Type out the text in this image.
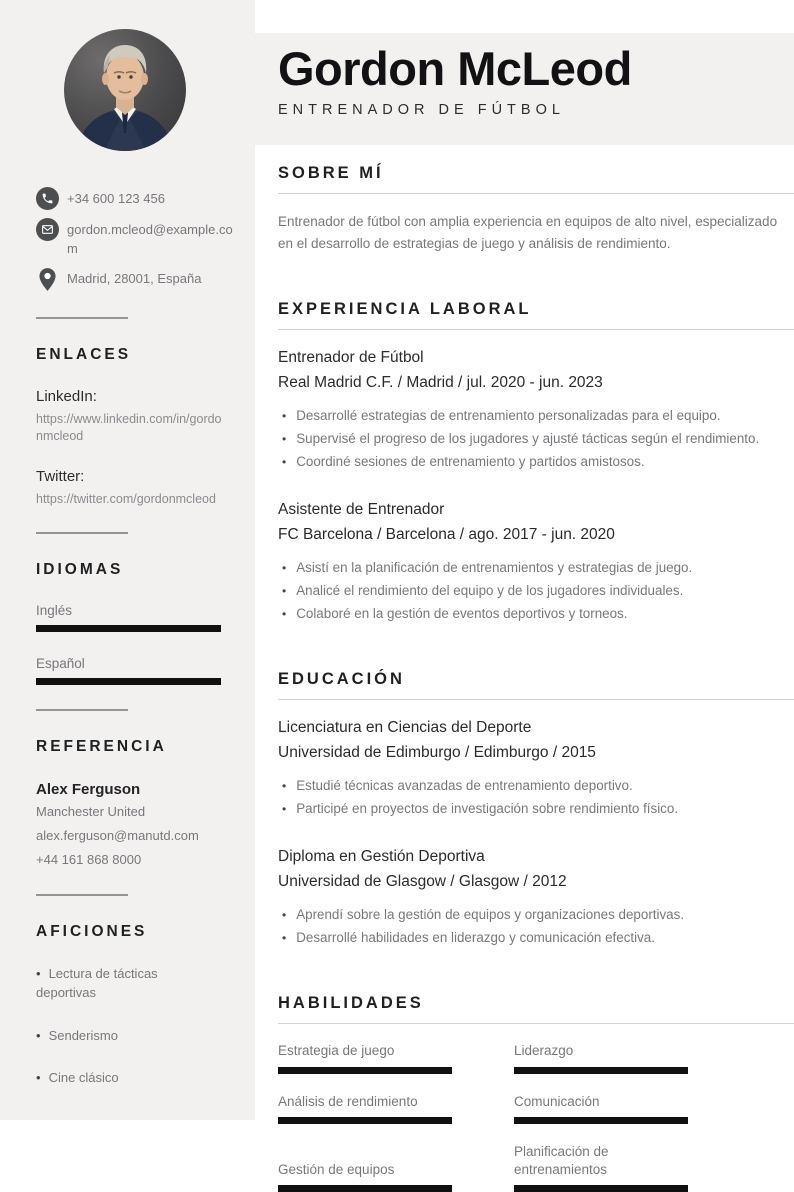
+34 600 123 456
gordon.mcleod@example.com
Madrid, 28001, España
ENLACES
LinkedIn:
https://www.linkedin.com/in/gordonmcleod
Twitter:
https://twitter.com/gordonmcleod
IDIOMAS
Inglés
Español
REFERENCIA
Alex Ferguson
Manchester United
alex.ferguson@manutd.com
+44 161 868 8000
AFICIONES
• Lectura de tácticas deportivas
• Senderismo
• Cine clásico
Gordon McLeod
ENTRENADOR DE FÚTBOL
SOBRE MÍ

Entrenador de fútbol con amplia experiencia en equipos de alto nivel, especializado en el desarrollo de estrategias de juego y análisis de rendimiento.

EXPERIENCIA LABORAL
Entrenador de Fútbol
Real Madrid C.F. / Madrid / jul. 2020 - jun. 2023
• Desarrollé estrategias de entrenamiento personalizadas para el equipo.
• Supervisé el progreso de los jugadores y ajusté tácticas según el rendimiento.
• Coordiné sesiones de entrenamiento y partidos amistosos.
Asistente de Entrenador
FC Barcelona / Barcelona / ago. 2017 - jun. 2020
• Asistí en la planificación de entrenamientos y estrategias de juego.
• Analicé el rendimiento del equipo y de los jugadores individuales.
• Colaboré en la gestión de eventos deportivos y torneos.
EDUCACIÓN
Licenciatura en Ciencias del Deporte
Universidad de Edimburgo / Edimburgo / 2015
• Estudié técnicas avanzadas de entrenamiento deportivo.
• Participé en proyectos de investigación sobre rendimiento físico.
Diploma en Gestión Deportiva
Universidad de Glasgow / Glasgow / 2012
• Aprendí sobre la gestión de equipos y organizaciones deportivas.
• Desarrollé habilidades en liderazgo y comunicación efectiva.
HABILIDADES
Estrategia de juego	Liderazgo
Análisis de rendimiento	Comunicación
Gestión de equipos
Planificación de entrenamientos
